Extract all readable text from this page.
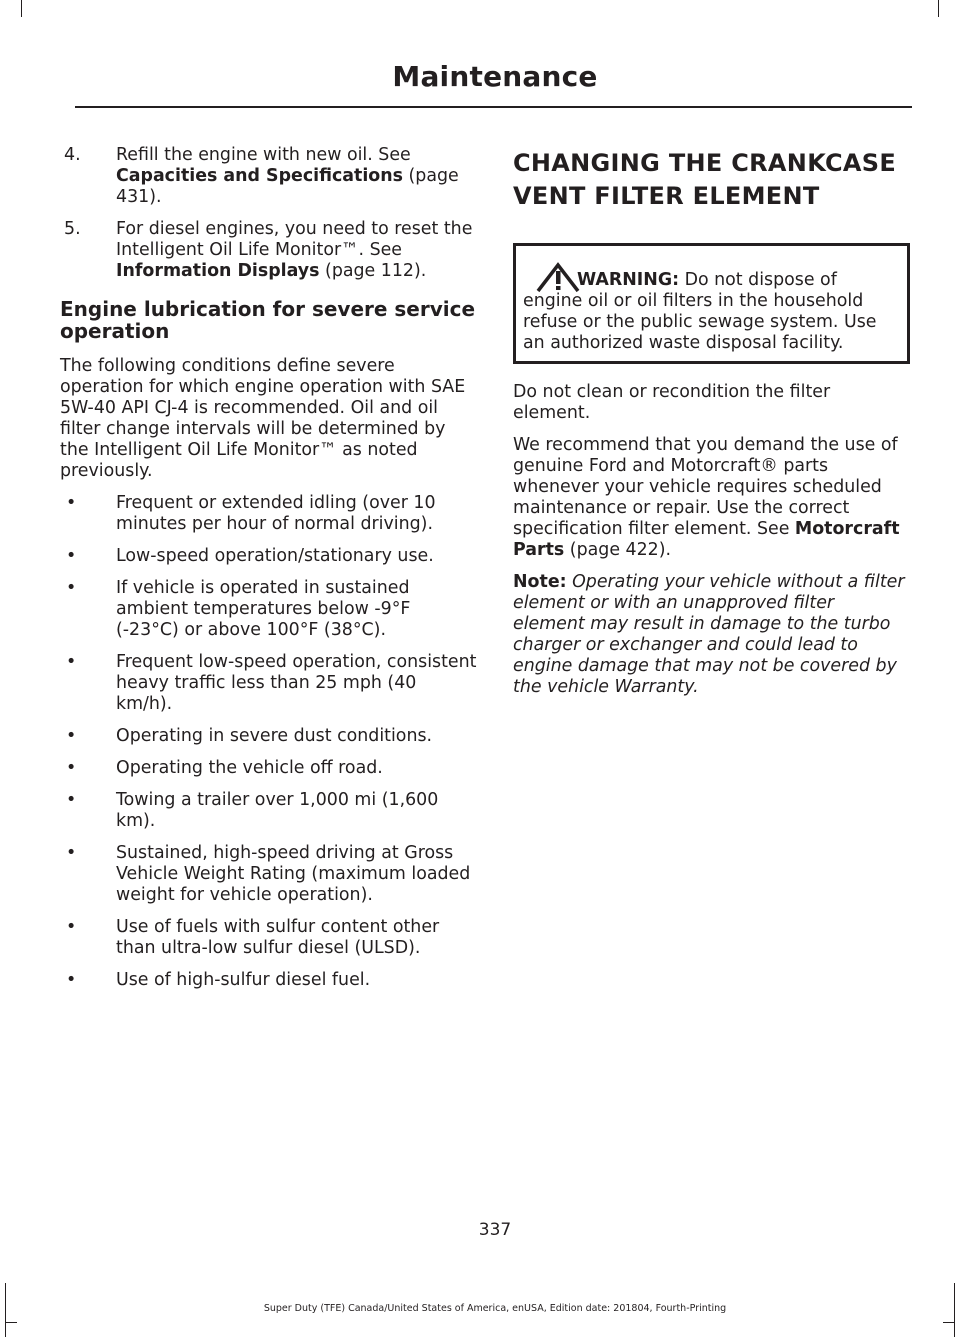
Maintenance
4. Refill the engine with new oil. See Capacities and Specifications (page 431).
5. For diesel engines, you need to reset the Intelligent Oil Life Monitor™. See Information Displays (page 112).
Engine lubrication for severe service operation

The following conditions define severe operation for which engine operation with SAE 5W-40 API CJ-4 is recommended. Oil and oil filter change intervals will be determined by the Intelligent Oil Life Monitor™ as noted previously.

• Frequent or extended idling (over 10 minutes per hour of normal driving).
• Low-speed operation/stationary use.
• If vehicle is operated in sustained ambient temperatures below -9°F (-23°C) or above 100°F (38°C).
• Frequent low-speed operation, consistent heavy traffic less than 25 mph (40 km/h).
• Operating in severe dust conditions.
• Operating the vehicle off road.
• Towing a trailer over 1,000 mi (1,600 km).
• Sustained, high-speed driving at Gross Vehicle Weight Rating (maximum loaded weight for vehicle operation).
• Use of fuels with sulfur content other than ultra-low sulfur diesel (ULSD).
• Use of high-sulfur diesel fuel.
CHANGING THE CRANKCASE VENT FILTER ELEMENT
WARNING: Do not dispose of engine oil or oil filters in the household refuse or the public sewage system. Use an authorized waste disposal facility.

Do not clean or recondition the filter element.

We recommend that you demand the use of genuine Ford and Motorcraft® parts whenever your vehicle requires scheduled maintenance or repair. Use the correct specification filter element. See Motorcraft Parts (page 422).

Note: Operating your vehicle without a filter element or with an unapproved filter element may result in damage to the turbo charger or exchanger and could lead to engine damage that may not be covered by the vehicle Warranty.

337
Super Duty (TFE) Canada/United States of America, enUSA, Edition date: 201804, Fourth-Printing
